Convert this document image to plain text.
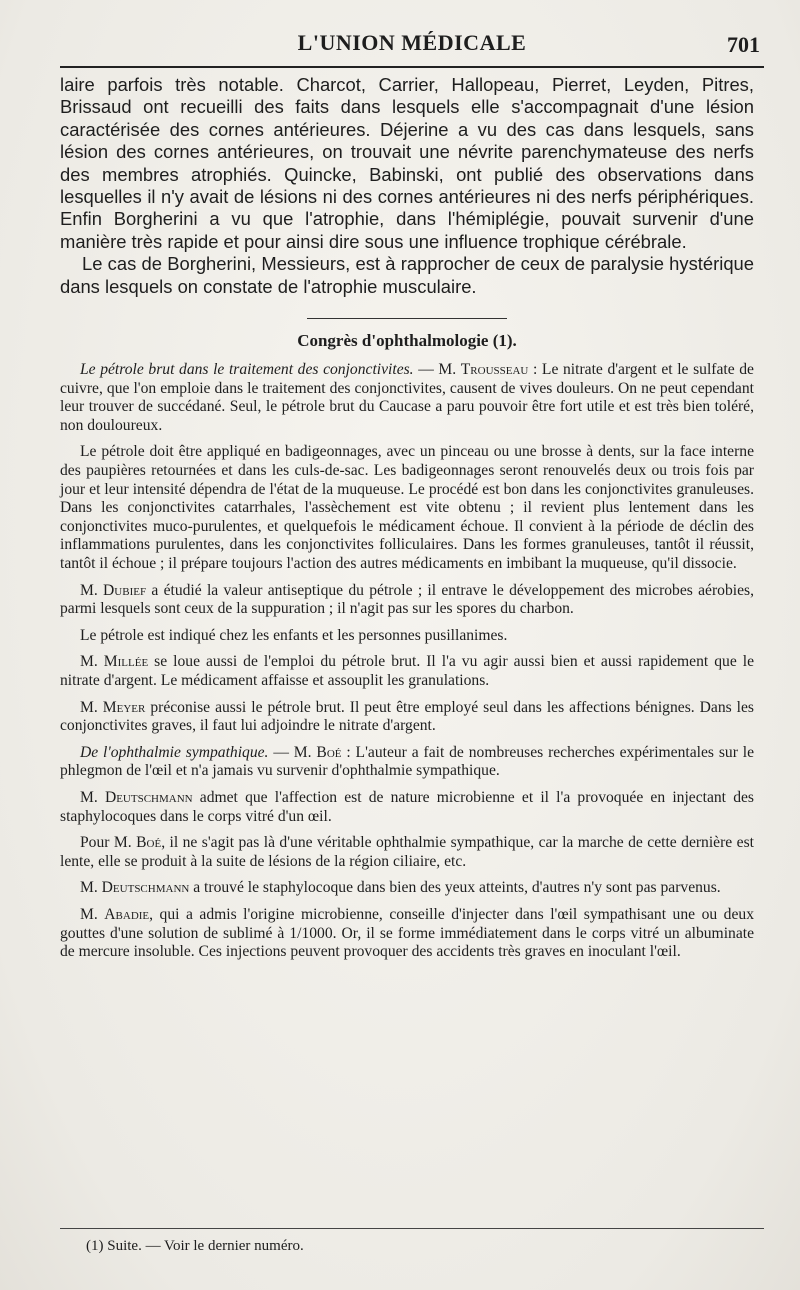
L'UNION MÉDICALE	701

laire parfois très notable. Charcot, Carrier, Hallopeau, Pierret, Leyden, Pitres, Brissaud ont recueilli des faits dans lesquels elle s'accompagnait d'une lésion caractérisée des cornes antérieures. Déjerine a vu des cas dans lesquels, sans lésion des cornes antérieures, on trouvait une névrite parenchymateuse des nerfs des membres atrophiés. Quincke, Babinski, ont publié des observations dans lesquelles il n'y avait de lésions ni des cornes antérieures ni des nerfs périphériques. Enfin Borgherini a vu que l'atrophie, dans l'hémiplégie, pouvait survenir d'une manière très rapide et pour ainsi dire sous une influence trophique cérébrale.

Le cas de Borgherini, Messieurs, est à rapprocher de ceux de paralysie hystérique dans lesquels on constate de l'atrophie musculaire.

Congrès d'ophthalmologie (1).

Le pétrole brut dans le traitement des conjonctivites. — M. Trousseau : Le nitrate d'argent et le sulfate de cuivre, que l'on emploie dans le traitement des conjonctivites, causent de vives douleurs. On ne peut cependant leur trouver de succédané. Seul, le pétrole brut du Caucase a paru pouvoir être fort utile et est très bien toléré, non douloureux.

Le pétrole doit être appliqué en badigeonnages, avec un pinceau ou une brosse à dents, sur la face interne des paupières retournées et dans les culs-de-sac. Les badigeonnages seront renouvelés deux ou trois fois par jour et leur intensité dépendra de l'état de la muqueuse. Le procédé est bon dans les conjonctivites granuleuses. Dans les conjonctivites catarrhales, l'assèchement est vite obtenu ; il revient plus lentement dans les conjonctivites muco-purulentes, et quelquefois le médicament échoue. Il convient à la période de déclin des inflammations purulentes, dans les conjonctivites folliculaires. Dans les formes granuleuses, tantôt il réussit, tantôt il échoue ; il prépare toujours l'action des autres médicaments en imbibant la muqueuse, qu'il dissocie.

M. Dubief a étudié la valeur antiseptique du pétrole ; il entrave le développement des microbes aérobies, parmi lesquels sont ceux de la suppuration ; il n'agit pas sur les spores du charbon.

Le pétrole est indiqué chez les enfants et les personnes pusillanimes.

M. Millée se loue aussi de l'emploi du pétrole brut. Il l'a vu agir aussi bien et aussi rapidement que le nitrate d'argent. Le médicament affaisse et assouplit les granulations.

M. Meyer préconise aussi le pétrole brut. Il peut être employé seul dans les affections bénignes. Dans les conjonctivites graves, il faut lui adjoindre le nitrate d'argent.

De l'ophthalmie sympathique. — M. Boé : L'auteur a fait de nombreuses recherches expérimentales sur le phlegmon de l'œil et n'a jamais vu survenir d'ophthalmie sympathique.

M. Deutschmann admet que l'affection est de nature microbienne et il l'a provoquée en injectant des staphylocoques dans le corps vitré d'un œil.

Pour M. Boé, il ne s'agit pas là d'une véritable ophthalmie sympathique, car la marche de cette dernière est lente, elle se produit à la suite de lésions de la région ciliaire, etc.

M. Deutschmann a trouvé le staphylocoque dans bien des yeux atteints, d'autres n'y sont pas parvenus.

M. Abadie, qui a admis l'origine microbienne, conseille d'injecter dans l'œil sympathisant une ou deux gouttes d'une solution de sublimé à 1/1000. Or, il se forme immédiatement dans le corps vitré un albuminate de mercure insoluble. Ces injections peuvent provoquer des accidents très graves en inoculant l'œil.

(1) Suite. — Voir le dernier numéro.
